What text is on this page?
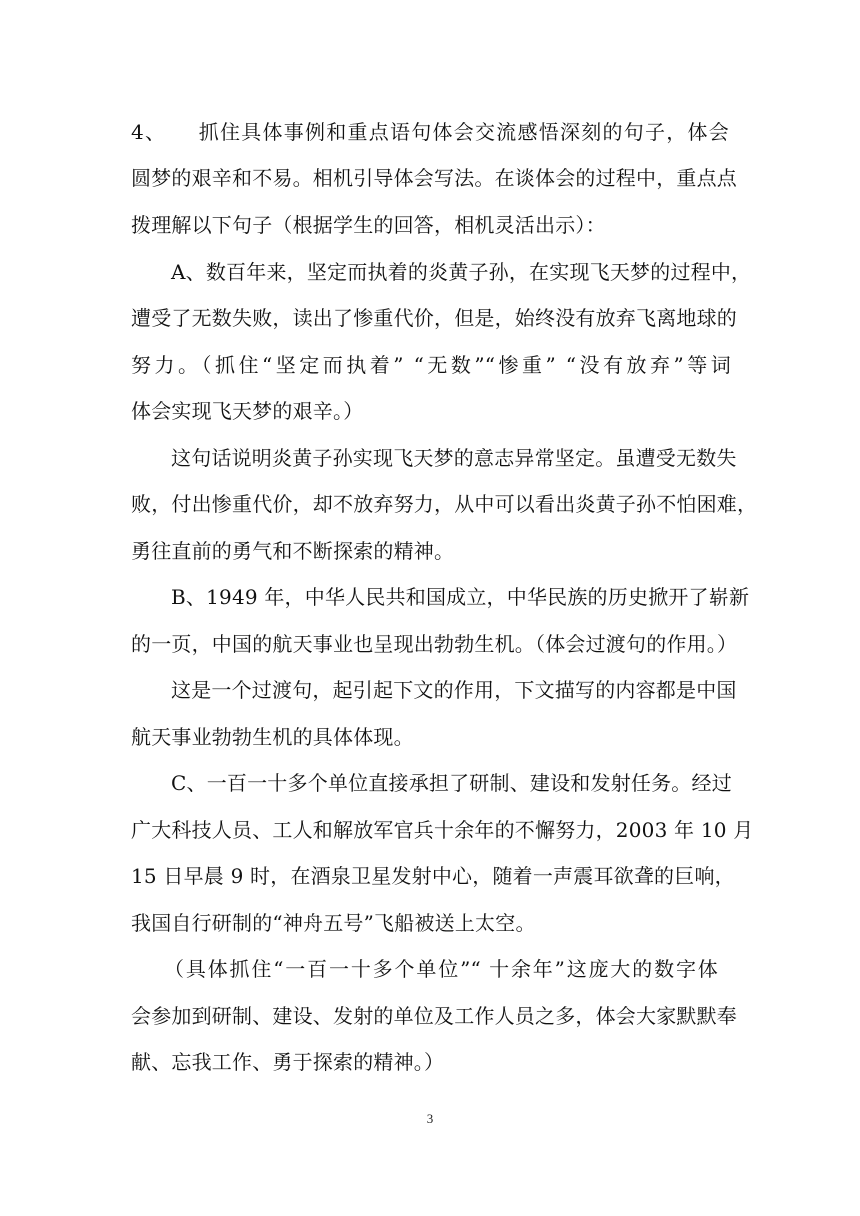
4、　　抓住具体事例和重点语句体会交流感悟深刻的句子，体会
圆梦的艰辛和不易。相机引导体会写法。在谈体会的过程中，重点点
拨理解以下句子（根据学生的回答，相机灵活出示）：
A、数百年来，坚定而执着的炎黄子孙，在实现飞天梦的过程中，
遭受了无数失败，读出了惨重代价，但是，始终没有放弃飞离地球的
努力。（抓住“坚定而执着” “无数”“惨重” “没有放弃”等词
体会实现飞天梦的艰辛。）
这句话说明炎黄子孙实现飞天梦的意志异常坚定。虽遭受无数失
败，付出惨重代价，却不放弃努力，从中可以看出炎黄子孙不怕困难，
勇往直前的勇气和不断探索的精神。
B、1949 年，中华人民共和国成立，中华民族的历史掀开了崭新
的一页，中国的航天事业也呈现出勃勃生机。（体会过渡句的作用。）
这是一个过渡句，起引起下文的作用，下文描写的内容都是中国
航天事业勃勃生机的具体体现。
C、一百一十多个单位直接承担了研制、建设和发射任务。经过
广大科技人员、工人和解放军官兵十余年的不懈努力，2003 年 10 月
15 日早晨 9 时，在酒泉卫星发射中心，随着一声震耳欲聋的巨响，
我国自行研制的“神舟五号”飞船被送上太空。
（具体抓住“一百一十多个单位”“ 十余年”这庞大的数字体
会参加到研制、建设、发射的单位及工作人员之多，体会大家默默奉
献、忘我工作、勇于探索的精神。）
3
